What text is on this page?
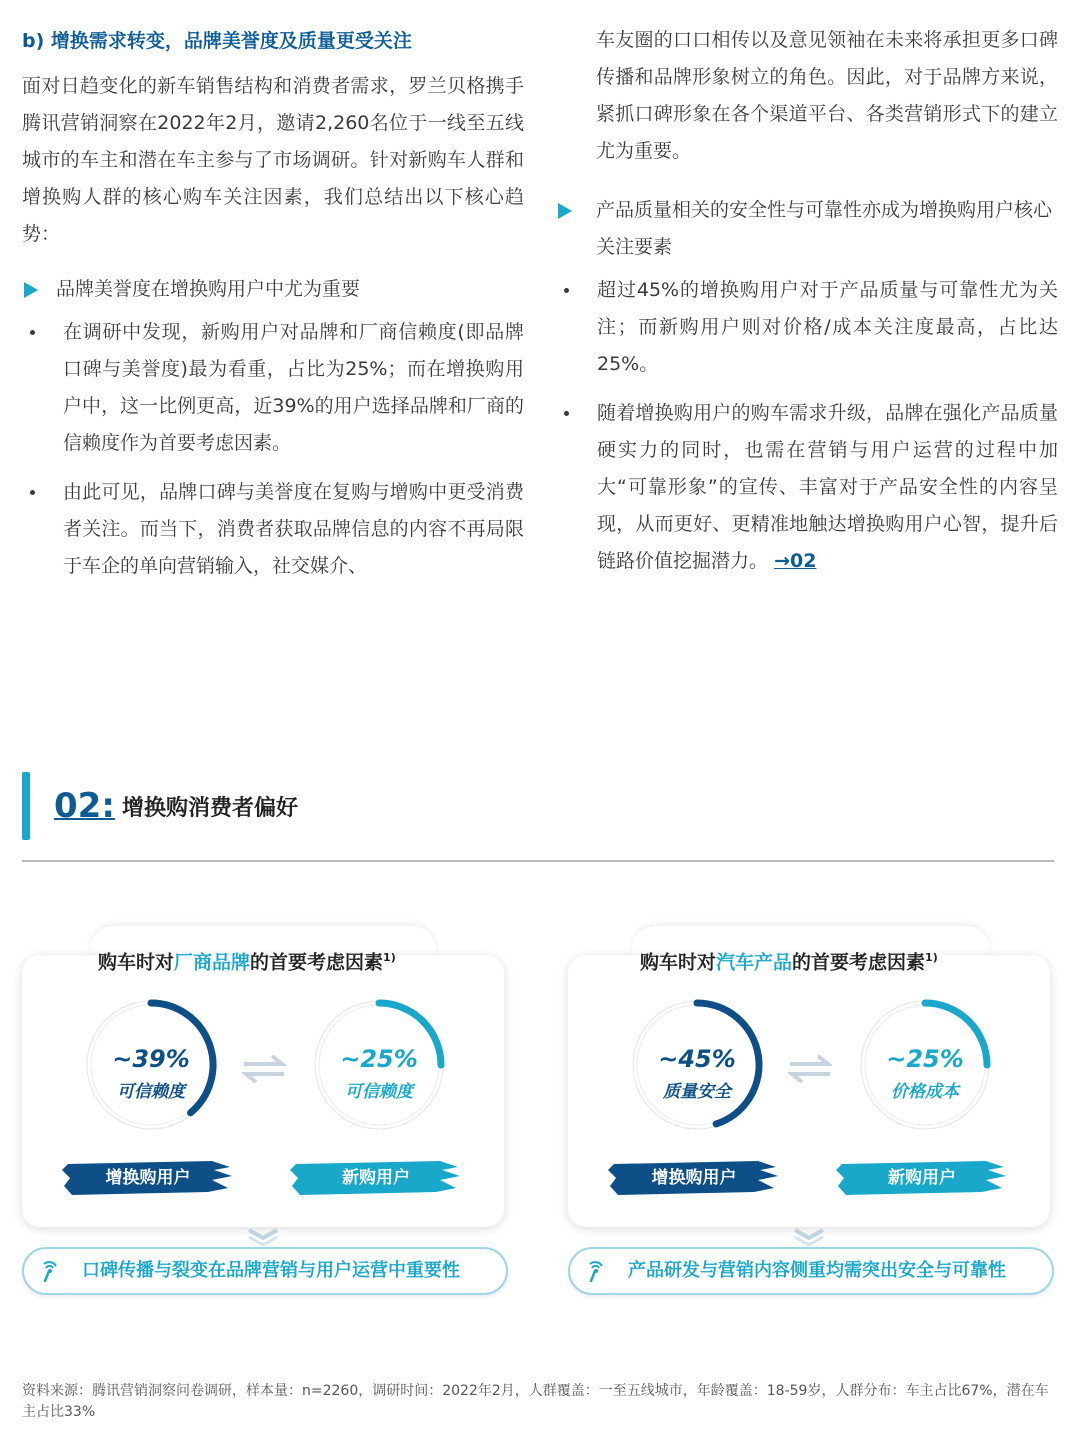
b) 增换需求转变，品牌美誉度及质量更受关注

面对日趋变化的新车销售结构和消费者需求，罗兰贝格携手腾讯营销洞察在2022年2月，邀请2,260名位于一线至五线城市的车主和潜在车主参与了市场调研。针对新购车人群和增换购人群的核心购车关注因素，我们总结出以下核心趋势：

品牌美誉度在增换购用户中尤为重要
在调研中发现，新购用户对品牌和厂商信赖度(即品牌口碑与美誉度)最为看重，占比为25%；而在增换购用户中，这一比例更高，近39%的用户选择品牌和厂商的信赖度作为首要考虑因素。
由此可见，品牌口碑与美誉度在复购与增购中更受消费者关注。而当下，消费者获取品牌信息的内容不再局限于车企的单向营销输入，社交媒介、

车友圈的口口相传以及意见领袖在未来将承担更多口碑传播和品牌形象树立的角色。因此，对于品牌方来说，紧抓口碑形象在各个渠道平台、各类营销形式下的建立尤为重要。

产品质量相关的安全性与可靠性亦成为增换购用户核心关注要素
超过45%的增换购用户对于产品质量与可靠性尤为关注；而新购用户则对价格/成本关注度最高，占比达25%。
随着增换购用户的购车需求升级，品牌在强化产品质量硬实力的同时，也需在营销与用户运营的过程中加大“可靠形象”的宣传、丰富对于产品安全性的内容呈现，从而更好、更精准地触达增换购用户心智，提升后链路价值挖掘潜力。 →02
02: 增换购消费者偏好
购车时对厂商品牌的首要考虑因素$^{1)}$
~39%
可信赖度
~25%
可信赖度
增换购用户	新购用户
口碑传播与裂变在品牌营销与用户运营中重要性
购车时对汽车产品的首要考虑因素$^{1)}$
~45%
质量安全
~25%
价格成本
增换购用户	新购用户
产品研发与营销内容侧重均需突出安全与可靠性
资料来源：腾讯营销洞察问卷调研，样本量：n=2260，调研时间：2022年2月，人群覆盖：一至五线城市，年龄覆盖：18-59岁，人群分布：车主占比67%，潜在车主占比33%
